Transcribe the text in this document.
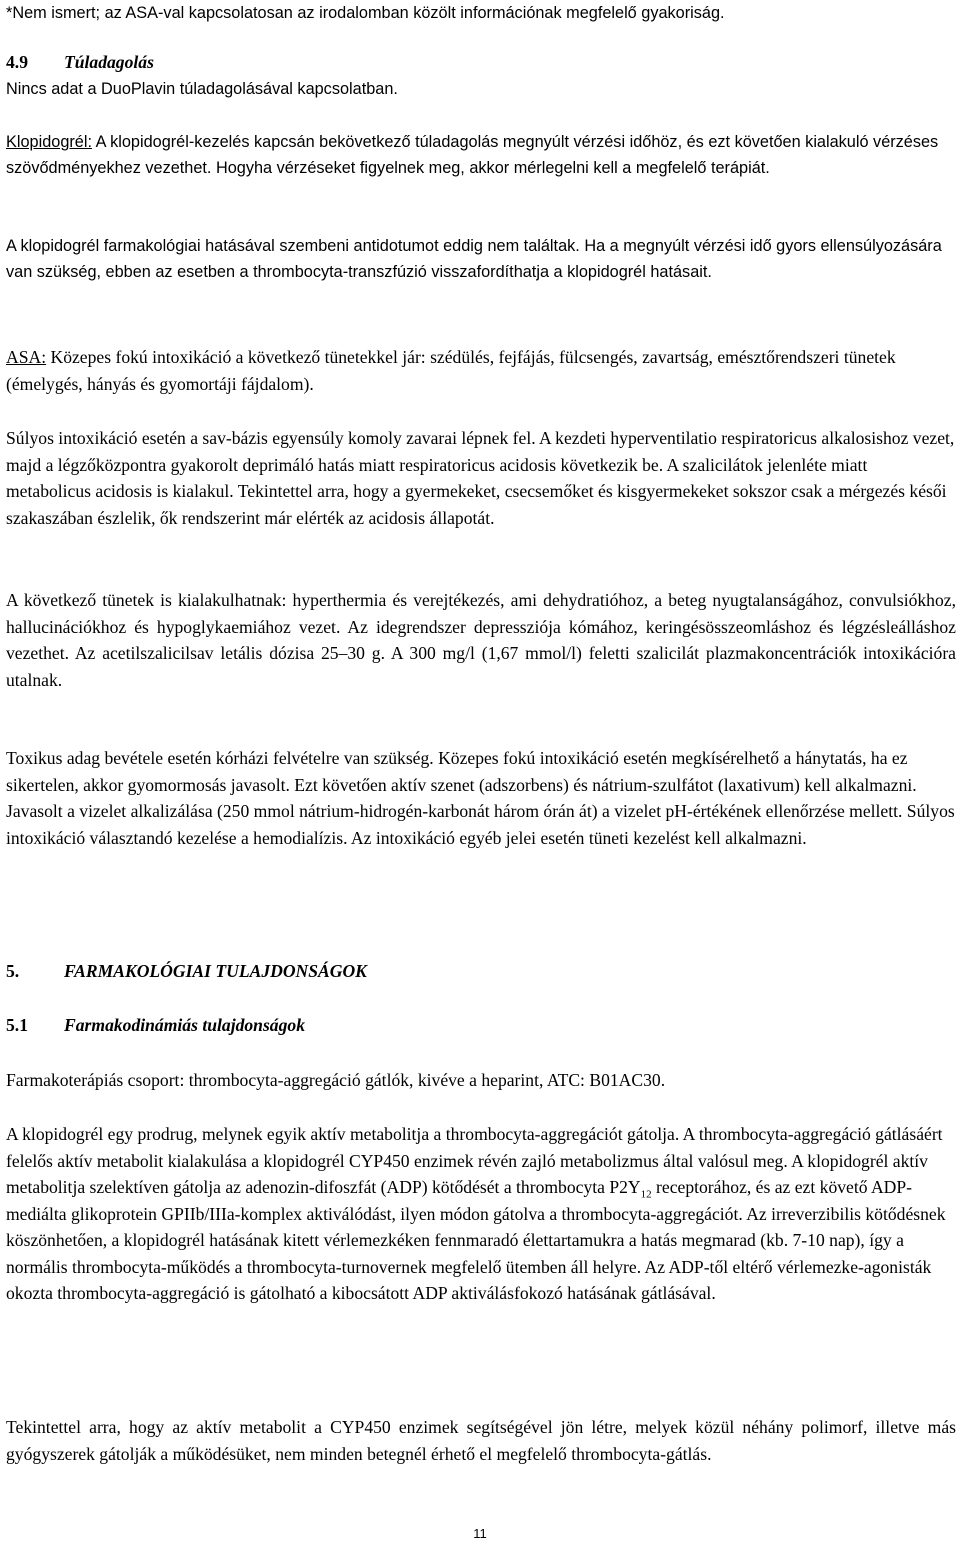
*Nem ismert; az ASA-val kapcsolatosan az irodalomban közölt információnak megfelelő gyakoriság.

4.9 Túladagolás

Nincs adat a DuoPlavin túladagolásával kapcsolatban.

Klopidogrél: A klopidogrél-kezelés kapcsán bekövetkező túladagolás megnyúlt vérzési időhöz, és ezt követően kialakuló vérzéses szövődményekhez vezethet. Hogyha vérzéseket figyelnek meg, akkor mérlegelni kell a megfelelő terápiát.

A klopidogrél farmakológiai hatásával szembeni antidotumot eddig nem találtak. Ha a megnyúlt vérzési idő gyors ellensúlyozására van szükség, ebben az esetben a thrombocyta-transzfúzió visszafordíthatja a klopidogrél hatásait.

ASA: Közepes fokú intoxikáció a következő tünetekkel jár: szédülés, fejfájás, fülcsengés, zavartság, emésztőrendszeri tünetek (émelygés, hányás és gyomortáji fájdalom).

Súlyos intoxikáció esetén a sav-bázis egyensúly komoly zavarai lépnek fel. A kezdeti hyperventilatio respiratoricus alkalosishoz vezet, majd a légzőközpontra gyakorolt deprimáló hatás miatt respiratoricus acidosis következik be. A szalicilátok jelenléte miatt metabolicus acidosis is kialakul. Tekintettel arra, hogy a gyermekeket, csecsemőket és kisgyermekeket sokszor csak a mérgezés késői szakaszában észlelik, ők rendszerint már elérték az acidosis állapotát.

A következő tünetek is kialakulhatnak: hyperthermia és verejtékezés, ami dehydratióhoz, a beteg nyugtalanságához, convulsiókhoz, hallucinációkhoz és hypoglykaemiához vezet. Az idegrendszer depressziója kómához, keringésösszeomláshoz és légzésleálláshoz vezethet. Az acetilszalicilsav letális dózisa 25–30 g. A 300 mg/l (1,67 mmol/l) feletti szalicilát plazmakoncentrációk intoxikációra utalnak.

Toxikus adag bevétele esetén kórházi felvételre van szükség. Közepes fokú intoxikáció esetén megkísérelhető a hánytatás, ha ez sikertelen, akkor gyomormosás javasolt. Ezt követően aktív szenet (adszorbens) és nátrium-szulfátot (laxativum) kell alkalmazni. Javasolt a vizelet alkalizálása (250 mmol nátrium-hidrogén-karbonát három órán át) a vizelet pH-értékének ellenőrzése mellett. Súlyos intoxikáció választandó kezelése a hemodialízis. Az intoxikáció egyéb jelei esetén tüneti kezelést kell alkalmazni.

5.	FARMAKOLÓGIAI TULAJDONSÁGOK

5.1 Farmakodinámiás tulajdonságok

Farmakoterápiás csoport: thrombocyta-aggregáció gátlók, kivéve a heparint, ATC: B01AC30.

A klopidogrél egy prodrug, melynek egyik aktív metabolitja a thrombocyta-aggregációt gátolja. A thrombocyta-aggregáció gátlásáért felelős aktív metabolit kialakulása a klopidogrél CYP450 enzimek révén zajló metabolizmus által valósul meg. A klopidogrél aktív metabolitja szelektíven gátolja az adenozin-difoszfát (ADP) kötődését a thrombocyta $P2Y_{12}$ receptorához, és az ezt követő ADP-mediálta glikoprotein GPIIb/IIIa-komplex aktiválódást, ilyen módon gátolva a thrombocyta-aggregációt. Az irreverzibilis kötődésnek köszönhetően, a klopidogrél hatásának kitett vérlemezkéken fennmaradó élettartamukra a hatás megmarad (kb. 7-10 nap), így a normális thrombocyta-működés a thrombocyta-turnovernek megfelelő ütemben áll helyre. Az ADP-től eltérő vérlemezke-agonisták okozta thrombocyta-aggregáció is gátolható a kibocsátott ADP aktiválásfokozó hatásának gátlásával.

Tekintettel arra, hogy az aktív metabolit a CYP450 enzimek segítségével jön létre, melyek közül néhány polimorf, illetve más gyógyszerek gátolják a működésüket, nem minden betegnél érhető el megfelelő thrombocyta-gátlás.

11
